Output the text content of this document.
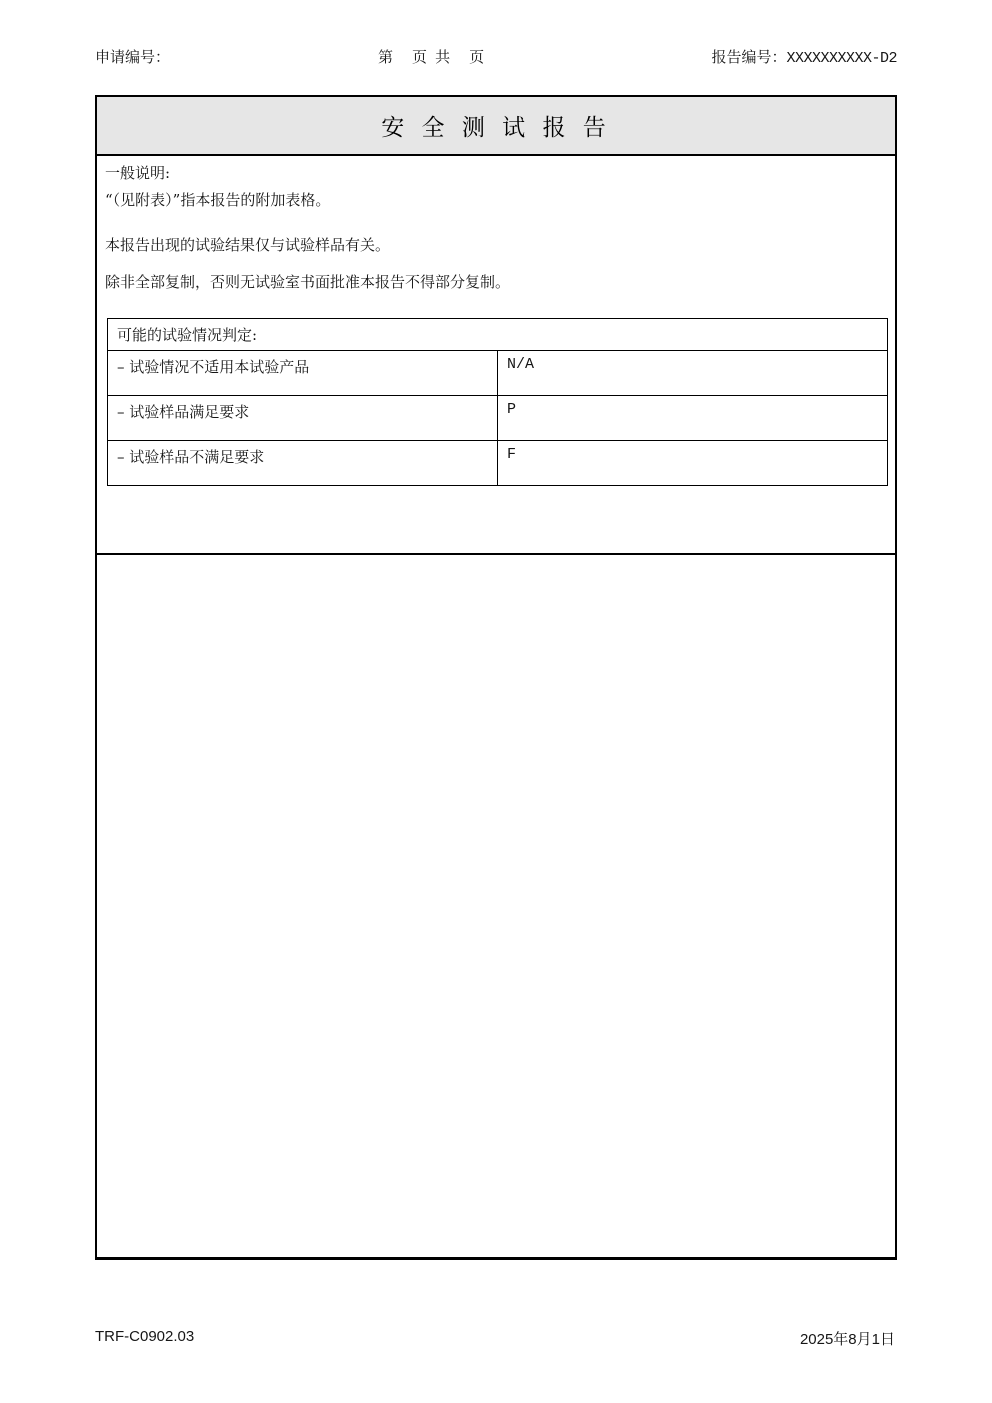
申请编号：	第　页 共　页	报告编号：XXXXXXXXXX-D2
安 全 测 试 报 告
一般说明:
“（见附表）”指本报告的附加表格。
本报告出现的试验结果仅与试验样品有关。
除非全部复制，否则无试验室书面批准本报告不得部分复制。
可能的试验情况判定:	
– 试验情况不适用本试验产品	N/A
– 试验样品满足要求	P
– 试验样品不满足要求	F
TRF-C0902.03	2025年8月1日
